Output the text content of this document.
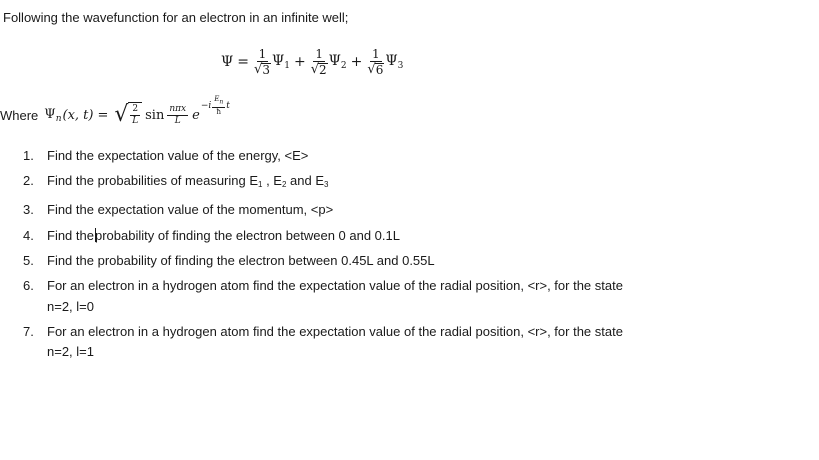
Following the wavefunction for an electron in an infinite well;
$\Psi = \frac{1}{√ 3} \Psi_1 + \frac{1}{√ 2} \Psi_2 + \frac{1}{√ 6} \Psi_3$
Where $\Psi_n$ (x, t) = √ $\frac{2}{L}$ $\sin \frac{\text{nπx}}{L}$ e
$-i \frac{E_n}{ħ}$ t
1.	Find the expectation value of the energy, <E>
2.	Find the probabilities of measuring $E_1$ , $E_2$ and $E_3$
3.	Find the expectation value of the momentum, <p>
4.	Find theprobability of finding the electron between 0 and 0.1L
5.	Find the probability of finding the electron between 0.45L and 0.55L
6.	For an electron in a hydrogen atom find the expectation value of the radial position, <r>, for the state n=2, l=0
7.	For an electron in a hydrogen atom find the expectation value of the radial position, <r>, for the state n=2, l=1
